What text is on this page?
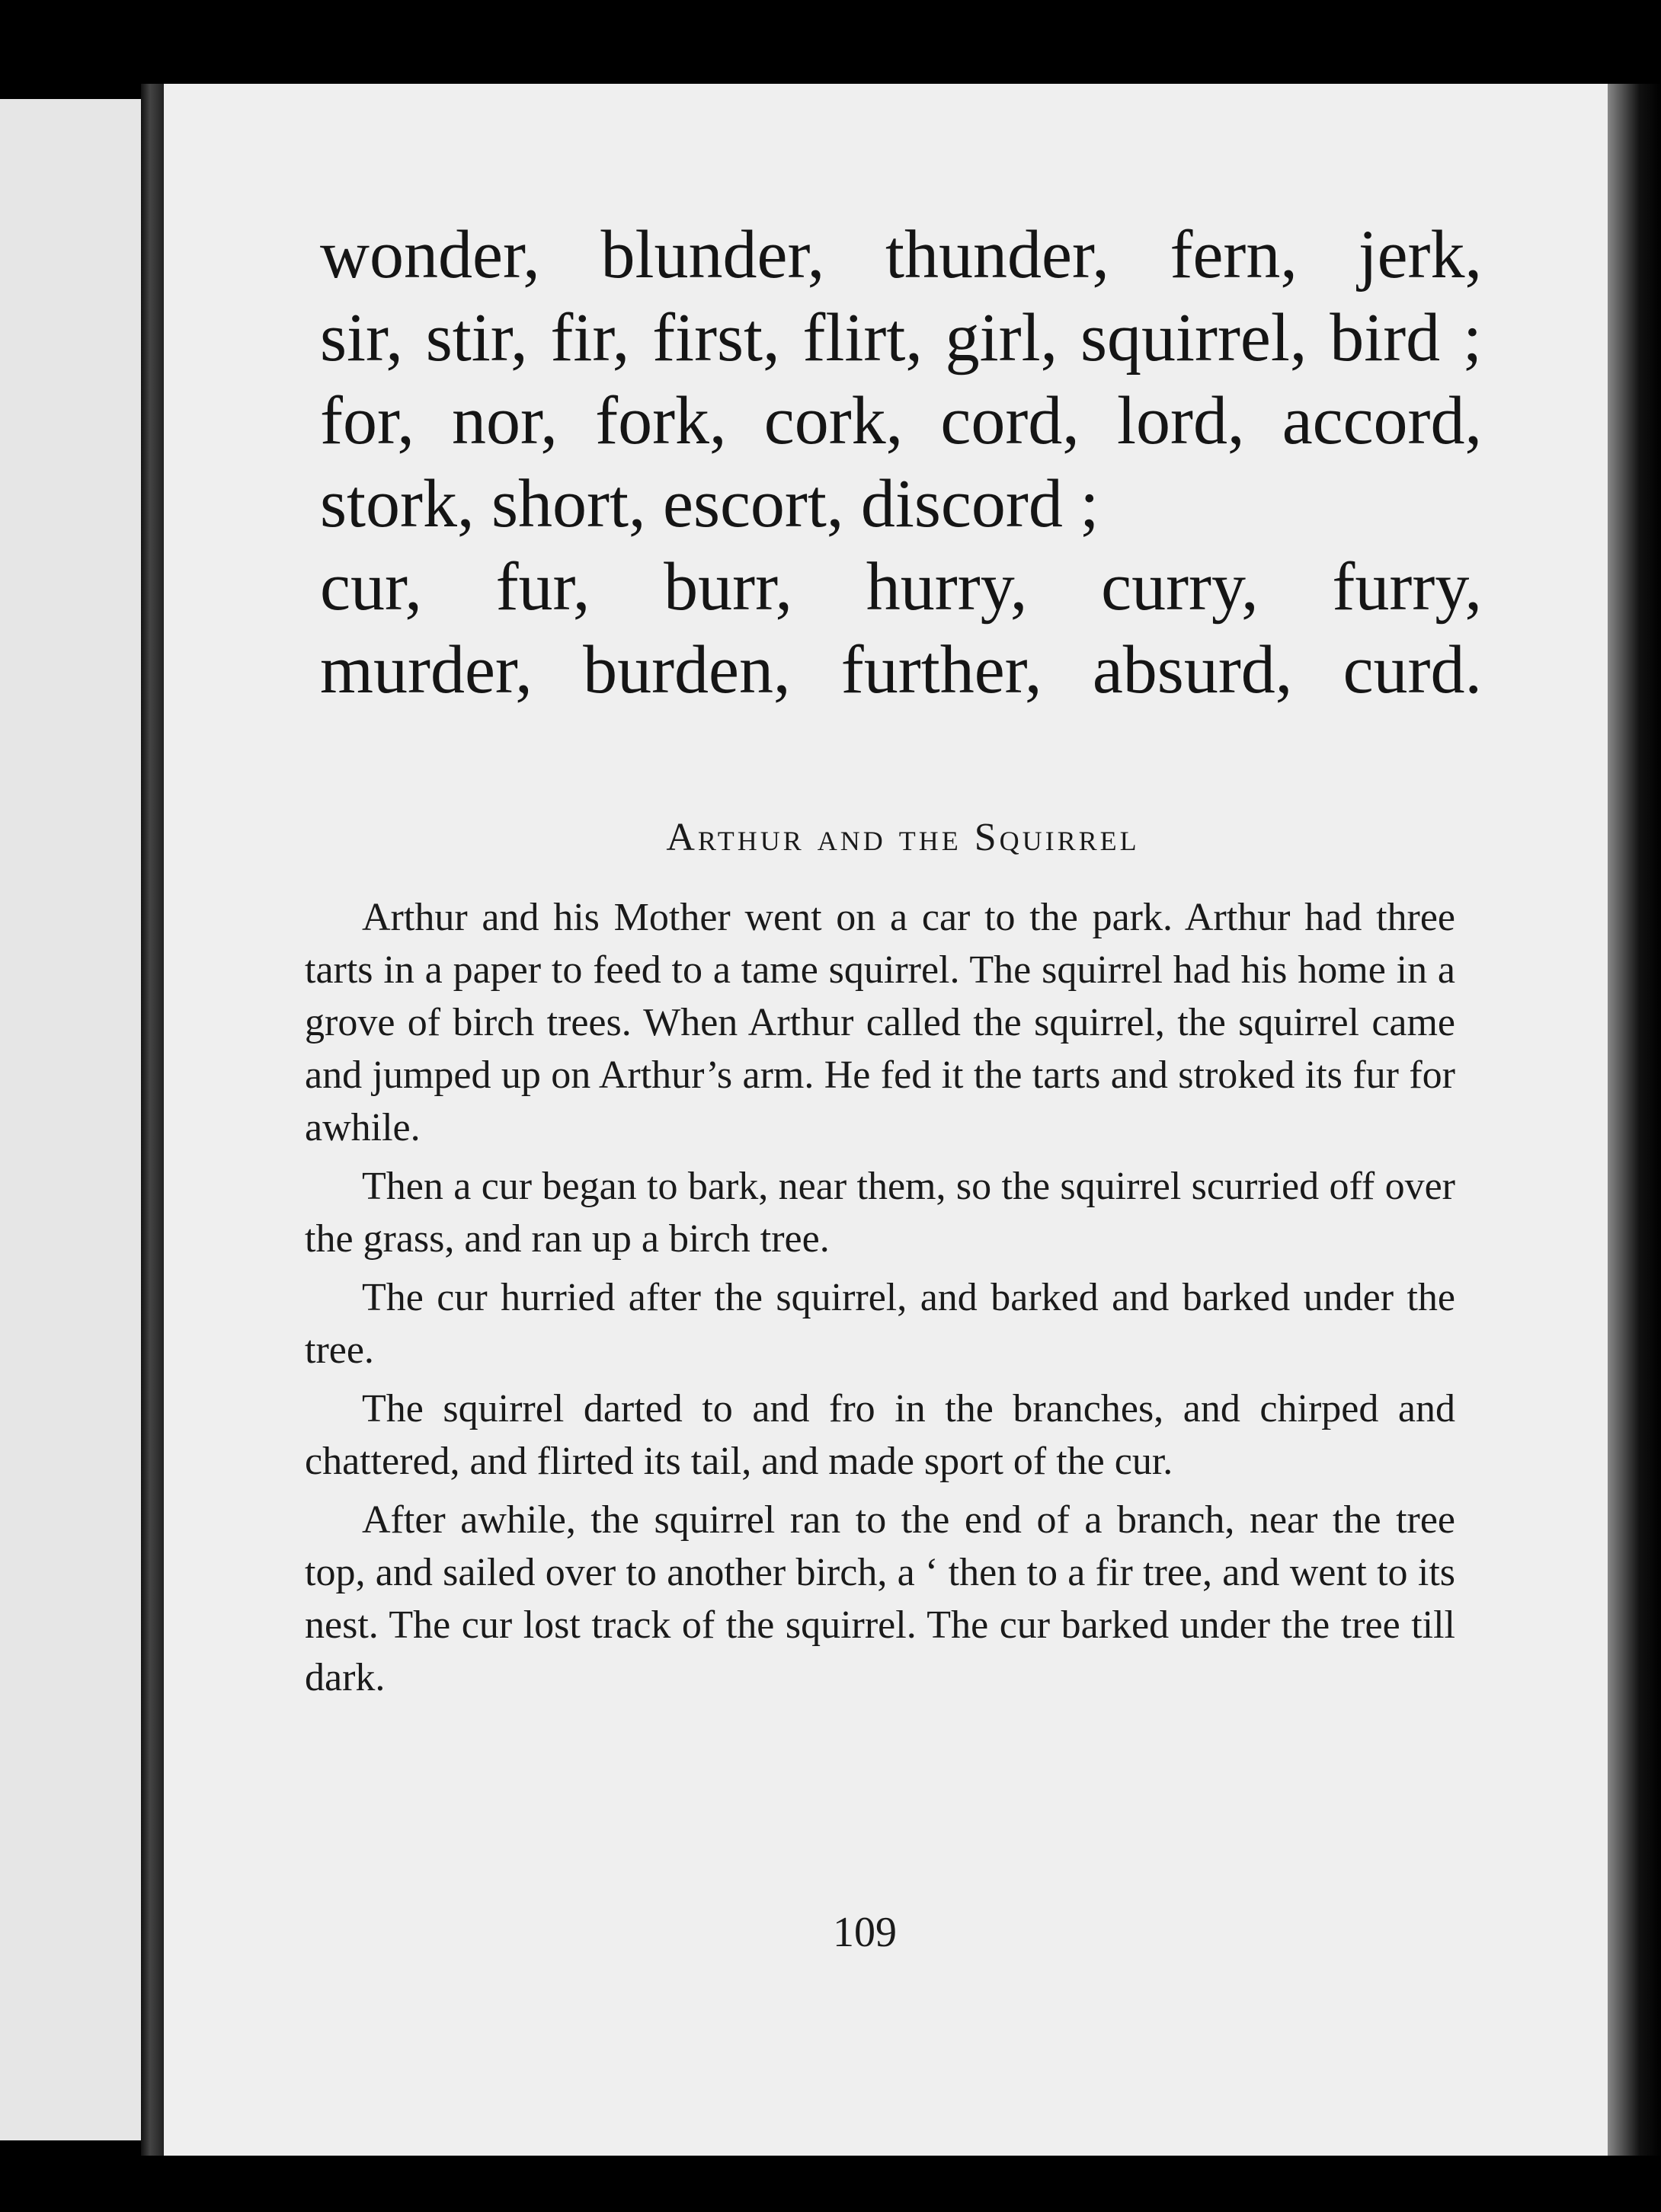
wonder, blunder, thunder, fern, jerk,
sir, stir, fir, first, flirt, girl, squirrel, bird ;
for, nor, fork, cork, cord, lord, accord,
stork, short, escort, discord ;
cur, fur, burr, hurry, curry, furry,
murder, burden, further, absurd, curd.
Arthur and the Squirrel

Arthur and his Mother went on a car to the park. Arthur had three tarts in a paper to feed to a tame squirrel. The squirrel had his home in a grove of birch trees. When Arthur called the squirrel, the squirrel came and jumped up on Arthur’s arm. He fed it the tarts and stroked its fur for awhile.

Then a cur began to bark, near them, so the squirrel scurried off over the grass, and ran up a birch tree.

The cur hurried after the squirrel, and barked and barked under the tree.

The squirrel darted to and fro in the branches, and chirped and chattered, and flirted its tail, and made sport of the cur.

After awhile, the squirrel ran to the end of a branch, near the tree top, and sailed over to another birch, a ‘ then to a fir tree, and went to its nest. The cur lost track of the squirrel. The cur barked under the tree till dark.

109
